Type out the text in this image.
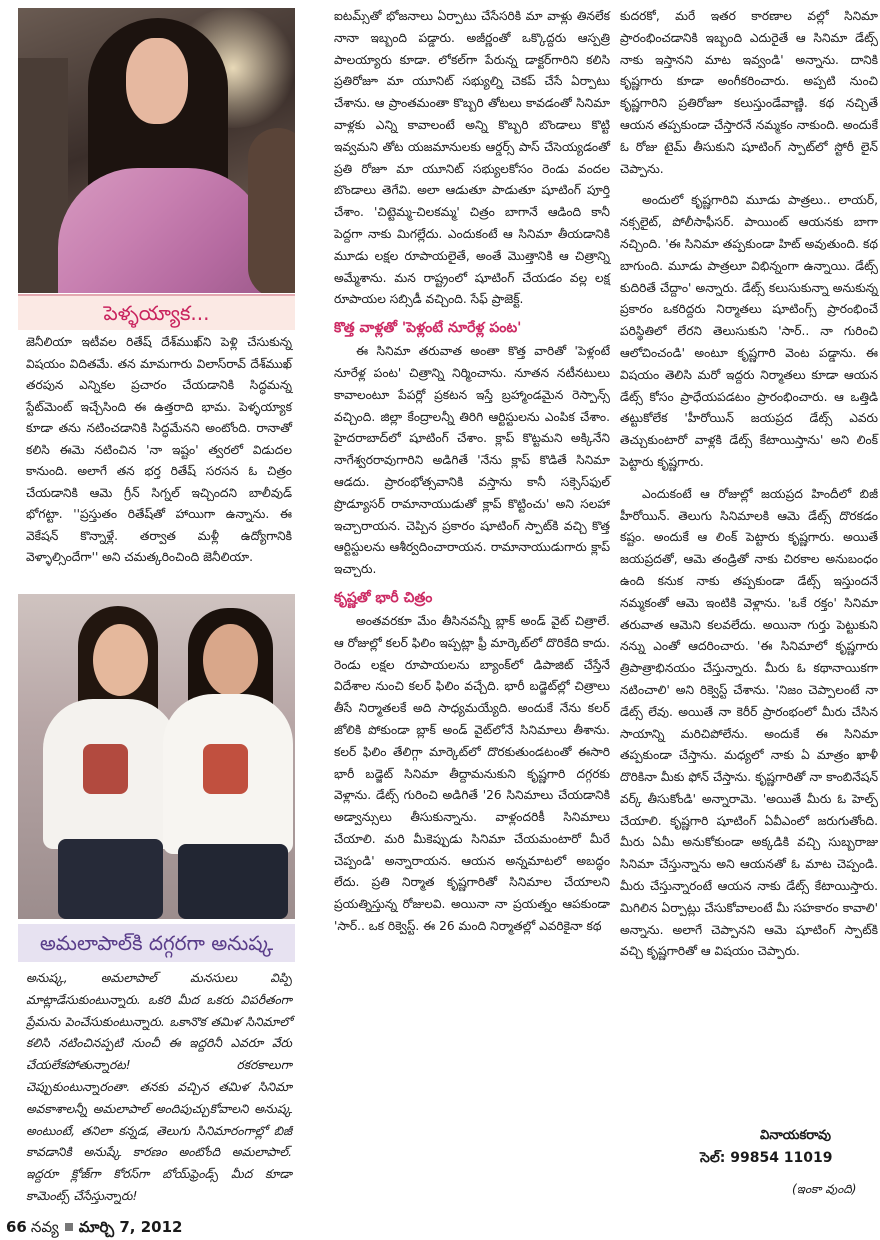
పెళ్ళయ్యాక...

జెనీలియా ఇటీవల రితేష్ దేశ్‌ముఖ్‌ని పెళ్లి చేసుకున్న విషయం విదితమే. తన మామగారు విలాస్‌రావ్ దేశ్‌ముఖ్ తరపున ఎన్నికల ప్రచారం చేయడానికి సిద్ధమన్న స్టేట్‌మెంట్ ఇచ్చేసింది ఈ ఉత్తరాది భామ. పెళ్ళయ్యాక కూడా తను నటించడానికి సిద్ధమేనని అంటోంది. రానాతో కలిసి ఈమె నటించిన 'నా ఇష్టం' త్వరలో విడుదల కానుంది. అలాగే తన భర్త రితేష్ సరసన ఓ చిత్రం చేయడానికి ఆమె గ్రీన్ సిగ్నల్ ఇచ్చిందని బాలీవుడ్ భోగట్టా. ''ప్రస్తుతం రితేష్‌తో హాయిగా ఉన్నాను. ఈ వెకేషన్ కొన్నాళ్లే. తర్వాత మళ్లీ ఉద్యోగానికి వెళ్ళాల్సిందేగా'' అని చమత్కరించింది జెనీలియా.

అమలాపాల్‌కి దగ్గరగా అనుష్క

అనుష్క, అమలాపాల్ మనసులు విప్పి మాట్లాడేసుకుంటున్నారు. ఒకరి మీద ఒకరు విపరీతంగా ప్రేమను పెంచేసుకుంటున్నారు. ఒకానొక తమిళ సినిమాలో కలిసి నటించినప్పటి నుంచీ ఈ ఇద్దరినీ ఎవరూ వేరు చేయలేకపోతున్నారట! రకరకాలుగా చెప్పుకుంటున్నారంతా. తనకు వచ్చిన తమిళ సినిమా అవకాశాలన్నీ అమలాపాల్ అందిపుచ్చుకోవాలని అనుష్క అంటుంటే, తనిలా కన్నడ, తెలుగు సినిమారంగాల్లో బిజీ కావడానికి అనుష్కే కారణం అంటోంది అమలాపాల్. ఇద్దరూ క్లోజ్‌గా కోరస్‌గా బోయ్‌ఫ్రెండ్స్ మీద కూడా కామెంట్స్ చేసేస్తున్నారు!

ఐటమ్స్‌తో భోజనాలు ఏర్పాటు చేసేసరికి మా వాళ్లు తినలేక నానా ఇబ్బంది పడ్డారు. అజీర్ణంతో ఒక్కొద్దరు ఆస్పత్రి పాలయ్యారు కూడా. లోకల్‌గా పేరున్న డాక్టర్‌గారిని కలిసి ప్రతిరోజూ మా యూనిట్ సభ్యుల్ని చెకప్ చేసే ఏర్పాటు చేశాను. ఆ ప్రాంతమంతా కొబ్బరి తోటలు కావడంతో సినిమా వాళ్లకు ఎన్ని కావాలంటే అన్ని కొబ్బరి బొండాలు కొట్టి ఇవ్వమని తోట యజమానులకు ఆర్డర్స్ పాస్ చేసెయ్యడంతో ప్రతి రోజూ మా యూనిట్ సభ్యులకోసం రెండు వందల బొండాలు తెగేవి. అలా ఆడుతూ పాడుతూ షూటింగ్ పూర్తి చేశాం. 'చిట్టెమ్మ-చిలకమ్మ' చిత్రం బాగానే ఆడింది కానీ పెద్దగా నాకు మిగల్లేదు. ఎందుకంటే ఆ సినిమా తీయడానికి మూడు లక్షల రూపాయలైతే, అంతే మొత్తానికి ఆ చిత్రాన్ని అమ్మేశాను. మన రాష్ట్రంలో షూటింగ్ చేయడం వల్ల లక్ష రూపాయల సబ్సిడీ వచ్చింది. సేఫ్ ప్రాజెక్ట్.

కొత్త వాళ్లతో 'పెళ్లంటే నూరేళ్ల పంట'

ఈ సినిమా తరువాత అంతా కొత్త వారితో 'పెళ్లంటే నూరేళ్ల పంట' చిత్రాన్ని నిర్మించాను. నూతన నటీనటులు కావాలంటూ పేపర్లో ప్రకటన ఇస్తే బ్రహ్మాండమైన రెస్పాన్స్ వచ్చింది. జిల్లా కేంద్రాలన్నీ తిరిగి ఆర్టిస్టులను ఎంపిక చేశాం. హైదరాబాద్‌లో షూటింగ్ చేశాం. క్లాప్ కొట్టమని అక్కినేని నాగేశ్వరరావుగారిని అడిగితే 'నేను క్లాప్ కొడితే సినిమా ఆడదు. ప్రారంభోత్సవానికి వస్తాను కానీ సక్సెస్‌ఫుల్ ప్రొడ్యూసర్ రామానాయుడుతో క్లాప్ కొట్టించు' అని సలహా ఇచ్చారాయన. చెప్పిన ప్రకారం షూటింగ్ స్పాట్‌కి వచ్చి కొత్త ఆర్టిస్టులను ఆశీర్వదించారాయన. రామానాయుడుగారు క్లాప్ ఇచ్చారు.

కృష్ణతో భారీ చిత్రం

అంతవరకూ మేం తీసినవన్నీ బ్లాక్ అండ్ వైట్ చిత్రాలే. ఆ రోజుల్లో కలర్ ఫిలిం ఇప్పట్లా ఫ్రీ మార్కెట్‌లో దొరికేది కాదు. రెండు లక్షల రూపాయలను బ్యాంక్‌లో డిపాజిట్ చేస్తేనే విదేశాల నుంచి కలర్ ఫిలిం వచ్చేది. భారీ బడ్జెట్‌ల్లో చిత్రాలు తీసే నిర్మాతలకే అది సాధ్యమయ్యేది. అందుకే నేను కలర్ జోలికి పోకుండా బ్లాక్ అండ్ వైట్‌లోనే సినిమాలు తీశాను. కలర్ ఫిలిం తేలిగ్గా మార్కెట్‌లో దొరకుతుండటంతో ఈసారి భారీ బడ్జెట్ సినిమా తీద్దామనుకుని కృష్ణగారి దగ్గరకు వెళ్లాను. డేట్స్ గురించి అడిగితే '26 సినిమాలు చేయడానికి అడ్వాన్సులు తీసుకున్నాను. వాళ్లందరికీ సినిమాలు చేయాలి. మరి మీకెప్పుడు సినిమా చేయమంటారో మీరే చెప్పండి' అన్నారాయన. ఆయన అన్నమాటలో అబద్ధం లేదు. ప్రతి నిర్మాత కృష్ణగారితో సినిమాల చేయాలని ప్రయత్నిస్తున్న రోజులవి. అయినా నా ప్రయత్నం ఆపకుండా 'సార్.. ఒక రిక్వెస్ట్. ఈ 26 మంది నిర్మాతల్లో ఎవరికైనా కథ

కుదరకో, మరే ఇతర కారణాల వల్లో సినిమా ప్రారంభించడానికి ఇబ్బంది ఎదురైతే ఆ సినిమా డేట్స్ నాకు ఇస్తానని మాట ఇవ్వండి' అన్నాను. దానికి కృష్ణగారు కూడా అంగీకరించారు. అప్పటి నుంచి కృష్ణగారిని ప్రతిరోజూ కలుస్తుండేవాణ్ణి. కథ నచ్చితే ఆయన తప్పకుండా చేస్తారనే నమ్మకం నాకుంది. అందుకే ఓ రోజు టైమ్ తీసుకుని షూటింగ్ స్పాట్‌లో స్టోరీ లైన్ చెప్పాను.

అందులో కృష్ణగారివి మూడు పాత్రలు.. లాయర్, నక్సలైట్, పోలీసాఫీసర్. పాయింట్ ఆయనకు బాగా నచ్చింది. 'ఈ సినిమా తప్పకుండా హిట్ అవుతుంది. కథ బాగుంది. మూడు పాత్రలూ విభిన్నంగా ఉన్నాయి. డేట్స్ కుదిరితే చేద్దాం' అన్నారు. డేట్స్ కలుసుకున్నా అనుకున్న ప్రకారం ఒకరిద్దరు నిర్మాతలు షూటింగ్స్ ప్రారంభించే పరిస్థితిలో లేరని తెలుసుకుని 'సార్.. నా గురించి ఆలోచించండి' అంటూ కృష్ణగారి వెంట పడ్డాను. ఈ విషయం తెలిసి మరో ఇద్దరు నిర్మాతలు కూడా ఆయన డేట్స్ కోసం ప్రాధేయపడటం ప్రారంభించారు. ఆ ఒత్తిడి తట్టుకోలేక 'హీరోయిన్ జయప్రద డేట్స్ ఎవరు తెచ్చుకుంటారో వాళ్లకి డేట్స్ కేటాయిస్తాను' అని లింక్ పెట్టారు కృష్ణగారు.

ఎందుకంటే ఆ రోజుల్లో జయప్రద హిందీలో బిజీ హీరోయిన్. తెలుగు సినిమాలకి ఆమె డేట్స్ దొరకడం కష్టం. అందుకే ఆ లింక్ పెట్టారు కృష్ణగారు. అయితే జయప్రదతో, ఆమె తండ్రితో నాకు చిరకాల అనుబంధం ఉంది కనుక నాకు తప్పకుండా డేట్స్ ఇస్తుందనే నమ్మకంతో ఆమె ఇంటికి వెళ్లాను. 'ఒకే రక్తం' సినిమా తరువాత ఆమెని కలవలేదు. అయినా గుర్తు పెట్టుకుని నన్ను ఎంతో ఆదరించారు. 'ఈ సినిమాలో కృష్ణగారు త్రిపాత్రాభినయం చేస్తున్నారు. మీరు ఓ కథానాయికగా నటించాలి' అని రిక్వెస్ట్ చేశాను. 'నిజం చెప్పాలంటే నా డేట్స్ లేవు. అయితే నా కెరీర్ ప్రారంభంలో మీరు చేసిన సాయాన్ని మరిచిపోలేను. అందుకే ఈ సినిమా తప్పకుండా చేస్తాను. మధ్యలో నాకు ఏ మాత్రం ఖాళీ దొరికినా మీకు ఫోన్ చేస్తాను. కృష్ణగారితో నా కాంబినేషన్ వర్క్ తీసుకోండి' అన్నారామె. 'అయితే మీరు ఓ హెల్ప్ చేయాలి. కృష్ణగారి షూటింగ్ ఏవీఎంలో జరుగుతోంది. మీరు ఏమీ అనుకోకుండా అక్కడికి వచ్చి సుబ్బరాజు సినిమా చేస్తున్నాను అని ఆయనతో ఓ మాట చెప్పండి. మీరు చేస్తున్నారంటే ఆయన నాకు డేట్స్ కేటాయిస్తారు. మిగిలిన ఏర్పాట్లు చేసుకోవాలంటే మీ సహకారం కావాలి' అన్నాను. అలాగే చెప్పానని ఆమె షూటింగ్ స్పాట్‌కి వచ్చి కృష్ణగారితో ఆ విషయం చెప్పారు.

వినాయకరావు
సెల్: 99854 11019
(ఇంకా వుంది)
66 నవ్య మార్చి 7, 2012
